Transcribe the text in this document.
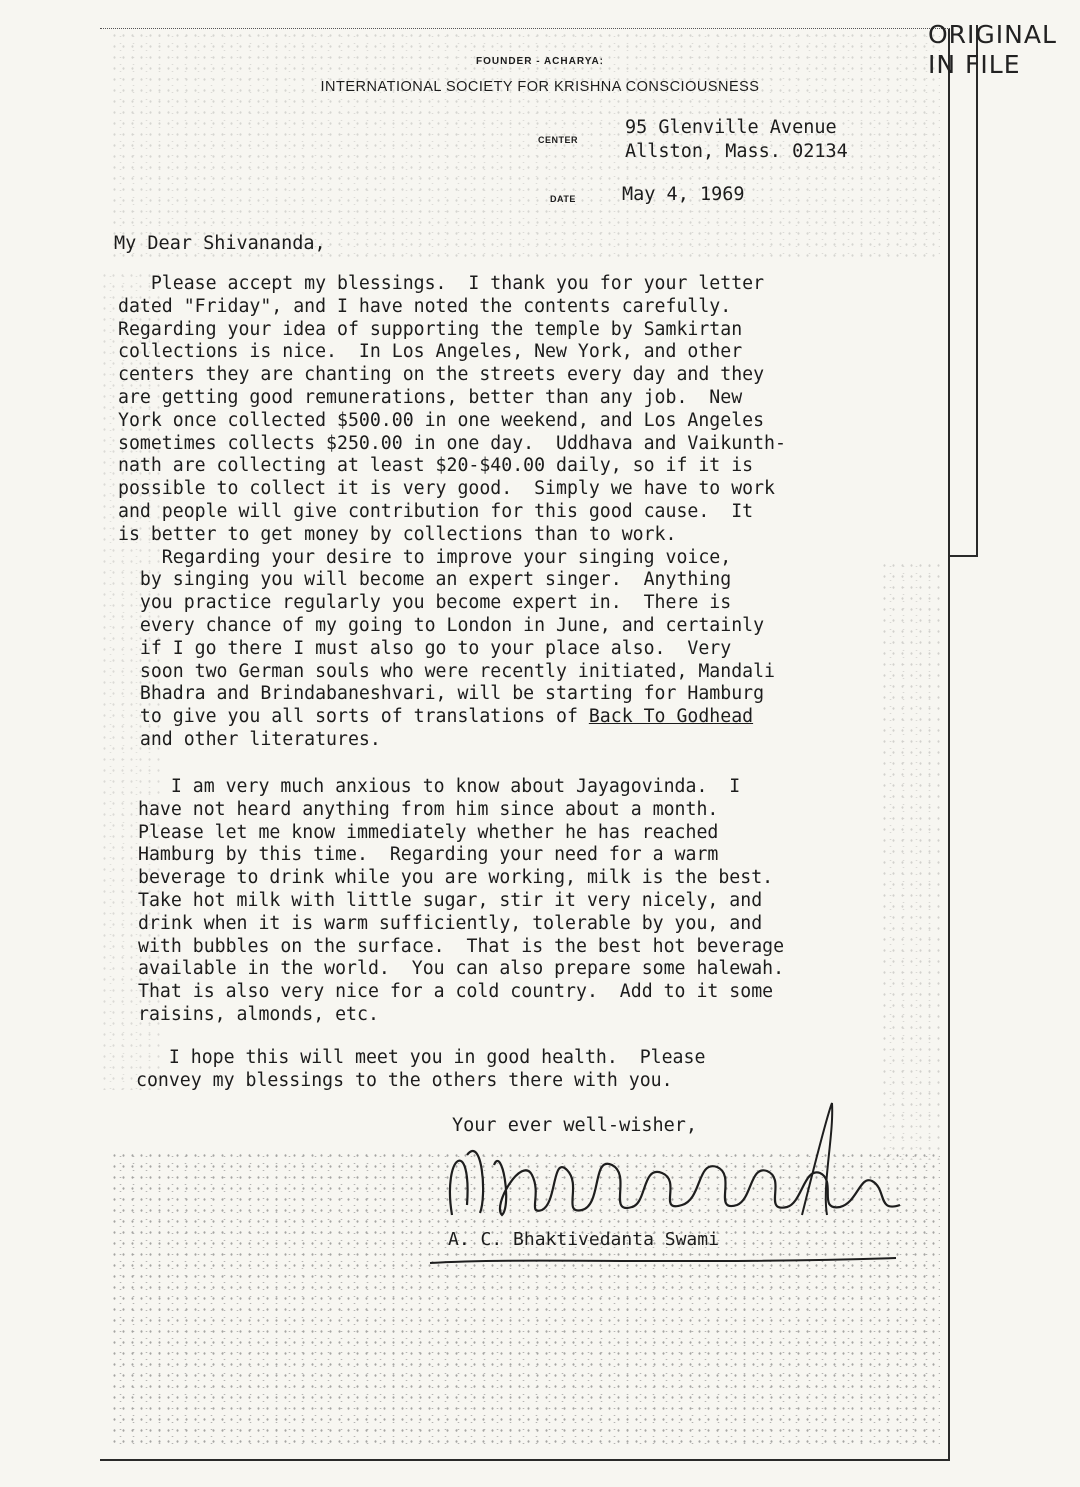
ORIGINAL
IN FILE
FOUNDER - ACHARYA:
INTERNATIONAL SOCIETY FOR KRISHNA CONSCIOUSNESS
CENTER
95 Glenville Avenue
Allston, Mass. 02134
DATE May 4, 1969
My Dear Shivananda,
Please accept my blessings.  I thank you for your letter
dated "Friday", and I have noted the contents carefully.
Regarding your idea of supporting the temple by Samkirtan
collections is nice.  In Los Angeles, New York, and other
centers they are chanting on the streets every day and they
are getting good remunerations, better than any job.  New
York once collected $500.00 in one weekend, and Los Angeles
sometimes collects $250.00 in one day.  Uddhava and Vaikunth-
nath are collecting at least $20-$40.00 daily, so if it is
possible to collect it is very good.  Simply we have to work
and people will give contribution for this good cause.  It
is better to get money by collections than to work.
Regarding your desire to improve your singing voice,
by singing you will become an expert singer.  Anything
you practice regularly you become expert in.  There is
every chance of my going to London in June, and certainly
if I go there I must also go to your place also.  Very
soon two German souls who were recently initiated, Mandali
Bhadra and Brindabaneshvari, will be starting for Hamburg
to give you all sorts of translations of Back To Godhead
and other literatures.
I am very much anxious to know about Jayagovinda.  I
have not heard anything from him since about a month.
Please let me know immediately whether he has reached
Hamburg by this time.  Regarding your need for a warm
beverage to drink while you are working, milk is the best.
Take hot milk with little sugar, stir it very nicely, and
drink when it is warm sufficiently, tolerable by you, and
with bubbles on the surface.  That is the best hot beverage
available in the world.  You can also prepare some halewah.
That is also very nice for a cold country.  Add to it some
raisins, almonds, etc.
I hope this will meet you in good health.  Please
convey my blessings to the others there with you.
Your ever well-wisher,
A. C. Bhaktivedanta Swami
